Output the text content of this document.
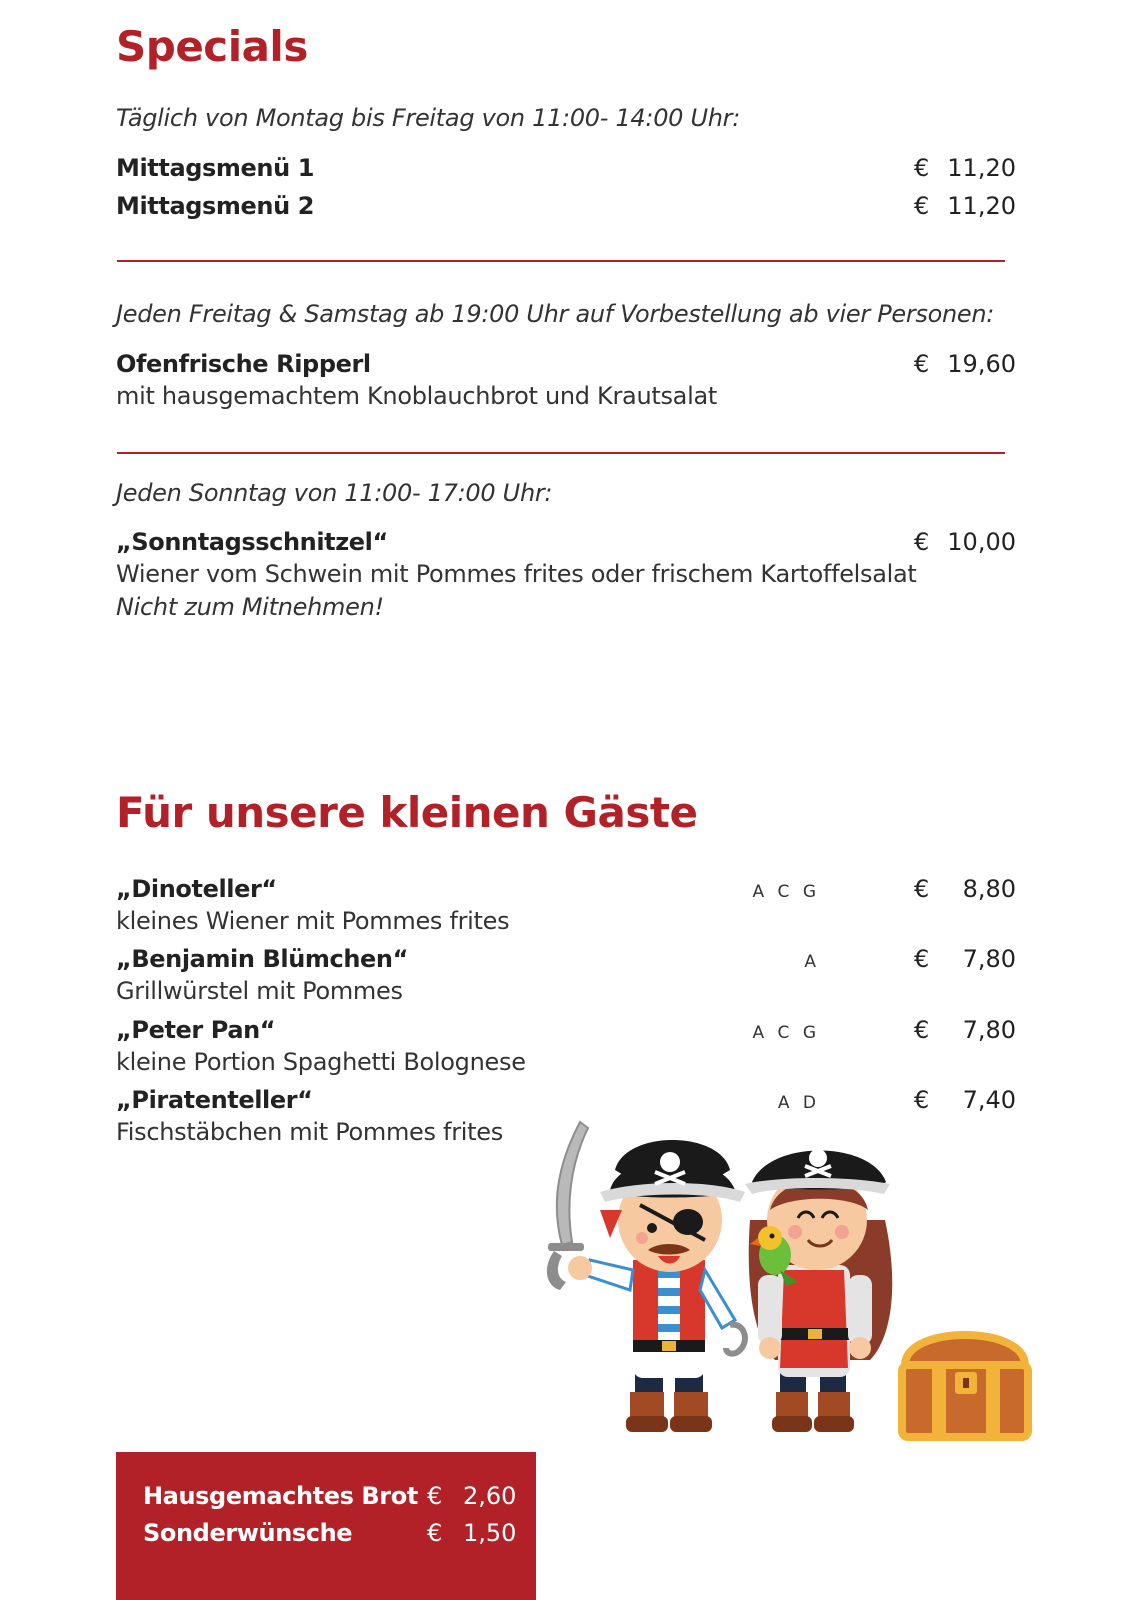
Specials
Täglich von Montag bis Freitag von 11:00- 14:00 Uhr:
Mittagsmenü 1	€ 11,20
Mittagsmenü 2	€ 11,20
Jeden Freitag & Samstag ab 19:00 Uhr auf Vorbestellung ab vier Personen:
Ofenfrische Ripperl	€ 19,60
mit hausgemachtem Knoblauchbrot und Krautsalat
Jeden Sonntag von 11:00- 17:00 Uhr:
„Sonntagsschnitzel“	€ 10,00
Wiener vom Schwein mit Pommes frites oder frischem Kartoffelsalat
Nicht zum Mitnehmen!
Für unsere kleinen Gäste
„Dinoteller“	A C G	€ 8,80
kleines Wiener mit Pommes frites
„Benjamin Blümchen“	A	€ 7,80
Grillwürstel mit Pommes
„Peter Pan“	A C G	€ 7,80
kleine Portion Spaghetti Bolognese
„Piratenteller“	A D	€ 7,40
Fischstäbchen mit Pommes frites
Hausgemachtes Brot € 2,60
Sonderwünsche	€ 1,50
